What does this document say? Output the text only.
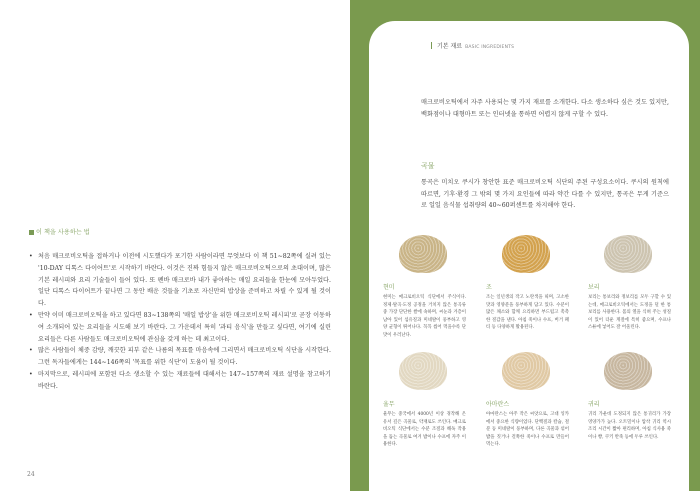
이 책을 사용하는 법
• 처음 매크로비오틱을 접하거나 이전에 시도했다가 포기한 사람이라면 무엇보다 이 책 51~82쪽에 실려 있는 '10-DAY 디톡스 다이어트'로 시작하기 바란다. 이것은 진짜 힘들지 않은 매크로비오틱으로의 초대이며, 많은 기본 레시피와 요리 기술들이 들어 있다. 또 펜바 매크로바 내가 좋아하는 매일 요리들을 한눈에 모아두었다. 일단 디톡스 다이어트가 끝나면 그 동안 배운 것들을 기초로 자신만의 밥상을 준비하고 차릴 수 있게 될 것이다.
• 만약 이미 매크로비오틱을 하고 있다면 83~138쪽의 '매일 밥상'을 위한 매크로비오틱 레시피'로 곧장 이동하여 소개되어 있는 요리들을 시도해 보기 바란다. 그 가운데서 특히 '과티 음식'을 만들고 싶다면, 여기에 실린 요리들은 다른 사람들도 매크로비오틱에 관심을 갖게 하는 데 최고이다.
• 많은 사람들이 체중 감량, 깨끗한 피부 같은 나름의 목표를 마음속에 그리면서 매크로비오틱 식단을 시작한다. 그런 독자들에게는 144~146쪽의 '목표를 위한 식단'이 도움이 될 것이다.
• 마지막으로, 레시피에 포함된 다소 생소할 수 있는 재료들에 대해서는 147~157쪽의 재료 설명을 참고하기 바란다.
24
기본 재료 BASIC INGREDIENTS

매크로비오틱에서 자주 사용되는 몇 가지 재료를 소개한다. 다소 생소하다 싶은 것도 있지만, 백화점이나 대형마트 또는 인터넷을 통하면 어렵지 않게 구할 수 있다.

곡물

통곡은 미치오 쿠시가 창안한 표준 매크로비오틱 식단의 주된 구성요소이다. 쿠시의 원칙에 따르면, 기후·환경 그 밖의 몇 가지 요인들에 따라 약간 다를 수 있지만, 통곡은 무게 기준으로 일일 음식물 섭취량의 40~60퍼센트를 차지해야 한다.

현미
현미는 매크로비오틱 식단에서 주식이다. 정제·탈곡·도정 공정을 거치지 않은 통곡류 중 가장 단단한 쌀에 속하며, 씨눈과 겨층이 남아 있어 섬유질과 미네랄이 풍부하고 영양 균형이 뛰어나다. 꼭꼭 씹어 먹을수록 단맛이 우러난다.
조
조는 일년생의 작고 노란색을 띠며, 고소한 맛과 영양분을 풍부하게 담고 있다. 수분이 많은 채소와 함께 요리하면 부드럽고 촉촉한 질감을 낸다. 아침 죽이나 수프, 버거 패티 등 다양하게 활용된다.
보리
보리는 통보리와 정보리를 모두 구할 수 있는데, 매크로비오틱에서는 도정을 덜 한 통보리를 사용한다. 몸의 열을 식혀 주는 성질이 있어 더운 계절에 특히 좋으며, 수프나 스튜에 넣어도 잘 어울린다.
율무
율무는 중국에서 4000년 이상 경작해 온 유서 깊은 곡물로, 약재로도 쓰인다. 매크로비오틱 식단에서는 수분 조절과 해독 작용을 돕는 곡물로 여겨 밥이나 수프에 자주 이용한다.
아마란스
아마란스는 아주 작은 씨앗으로, 고대 잉카에서 중요한 식량이었다. 단백질과 칼슘, 철분 등 미네랄이 풍부하며, 다른 곡물과 섞어 밥을 짓거나 걸쭉한 죽이나 수프로 만들어 먹는다.
귀리
귀리 가운데 도정되지 않은 통귀리가 가장 영양가가 높다. 오트밀이나 압착 귀리 역시 조리 시간이 짧아 편리하며, 아침 식사용 죽이나 빵, 쿠키 반죽 등에 두루 쓰인다.
